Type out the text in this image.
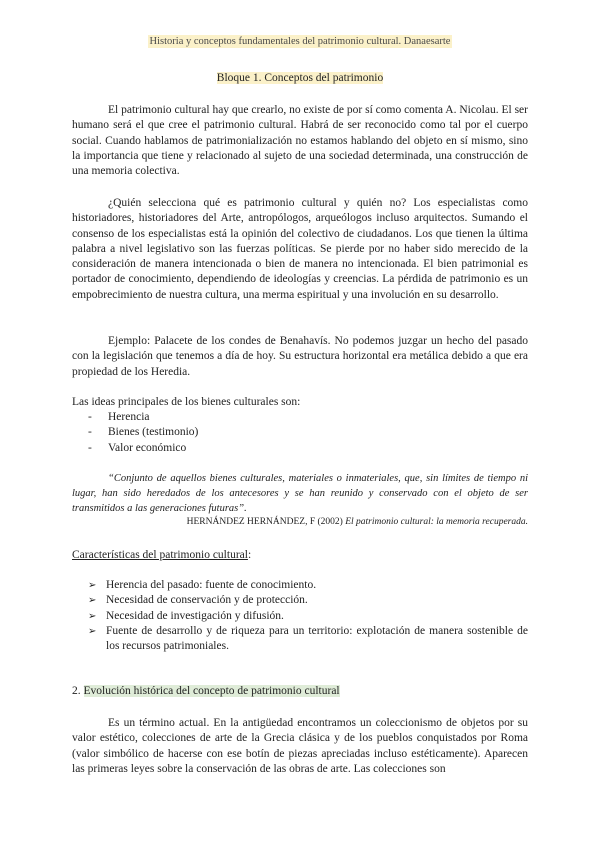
Historia y conceptos fundamentales del patrimonio cultural. Danaesarte
Bloque 1. Conceptos del patrimonio

El patrimonio cultural hay que crearlo, no existe de por sí como comenta A. Nicolau. El ser humano será el que cree el patrimonio cultural. Habrá de ser reconocido como tal por el cuerpo social. Cuando hablamos de patrimonialización no estamos hablando del objeto en sí mismo, sino la importancia que tiene y relacionado al sujeto de una sociedad determinada, una construcción de una memoria colectiva.

¿Quién selecciona qué es patrimonio cultural y quién no? Los especialistas como historiadores, historiadores del Arte, antropólogos, arqueólogos incluso arquitectos. Sumando el consenso de los especialistas está la opinión del colectivo de ciudadanos. Los que tienen la última palabra a nivel legislativo son las fuerzas políticas. Se pierde por no haber sido merecido de la consideración de manera intencionada o bien de manera no intencionada. El bien patrimonial es portador de conocimiento, dependiendo de ideologías y creencias. La pérdida de patrimonio es un empobrecimiento de nuestra cultura, una merma espiritual y una involución en su desarrollo.

Ejemplo: Palacete de los condes de Benahavís. No podemos juzgar un hecho del pasado con la legislación que tenemos a día de hoy. Su estructura horizontal era metálica debido a que era propiedad de los Heredia.

Las ideas principales de los bienes culturales son:

- Herencia
- Bienes (testimonio)
- Valor económico

“Conjunto de aquellos bienes culturales, materiales o inmateriales, que, sin límites de tiempo ni lugar, han sido heredados de los antecesores y se han reunido y conservado con el objeto de ser transmitidos a las generaciones futuras”.

HERNÁNDEZ HERNÁNDEZ, F (2002) El patrimonio cultural: la memoria recuperada.

Características del patrimonio cultural:

➢ Herencia del pasado: fuente de conocimiento.
➢ Necesidad de conservación y de protección.
➢ Necesidad de investigación y difusión.
➢ Fuente de desarrollo y de riqueza para un territorio: explotación de manera sostenible de los recursos patrimoniales.
2. Evolución histórica del concepto de patrimonio cultural

Es un término actual. En la antigüedad encontramos un coleccionismo de objetos por su valor estético, colecciones de arte de la Grecia clásica y de los pueblos conquistados por Roma (valor simbólico de hacerse con ese botín de piezas apreciadas incluso estéticamente). Aparecen las primeras leyes sobre la conservación de las obras de arte. Las colecciones son
